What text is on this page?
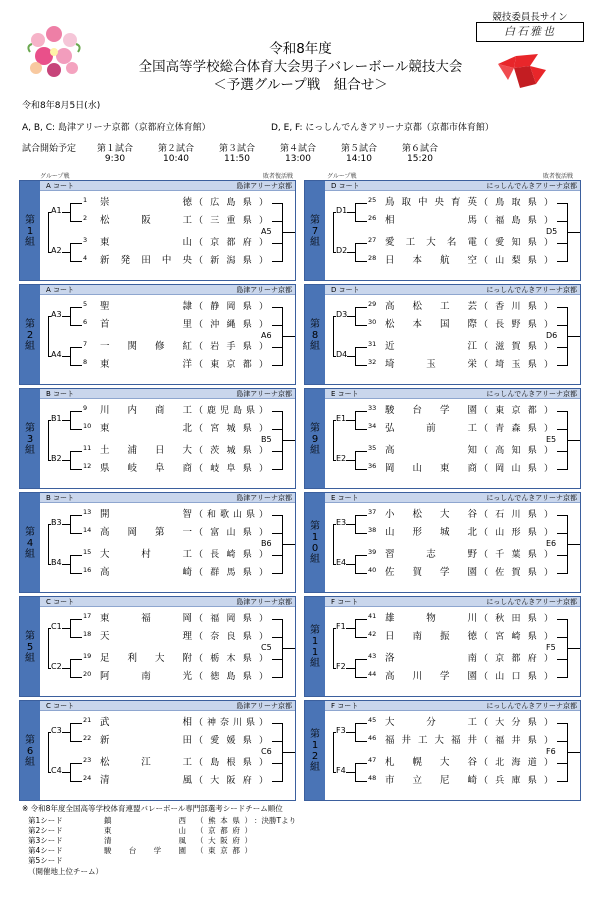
令和8年度
全国高等学校総合体育大会男子バレーボール競技大会
＜予選グループ戦　組合せ＞
競技委員長サイン
白石雅也
令和8年8月5日(水)
A, B, C: 島津アリーナ京都（京都府立体育館）	D, E, F: にっしんでんきアリーナ京都（京都市体育館）
試合開始予定	第１試合
9:30
第２試合
10:40
第３試合
11:50
第４試合
13:00
第５試合
14:10
第６試合
15:20
グループ戦	敗者復活戦	グループ戦	敗者復活戦
第
1
組
A コート	島津アリーナ京都
A1
A2
A5
1	崇徳 （広島県）
2	松阪工 （三重県）
3	東山 （京都府）
4	新発田中央 （新潟県）
第
2
組
A コート	島津アリーナ京都
A3
A4
A6
5	聖隷 （静岡県）
6	首里 （沖縄県）
7	一関修紅 （岩手県）
8	東洋 （東京都）
第
3
組
B コート	島津アリーナ京都
B1
B2
B5
9	川内商工 （鹿児島県）
10 東北 （宮城県）
11 土浦日大 （茨城県）
12 県岐阜商 （岐阜県）
第
4
組
B コート	島津アリーナ京都
B3
B4
B6
13 開智 （和歌山県）
14 高岡第一 （富山県）
15 大村工 （長崎県）
16 高崎 （群馬県）
第
5
組
C コート	島津アリーナ京都
C1
C2
C5
17 東福岡 （福岡県）
18 天理 （奈良県）
19 足利大附 （栃木県）
20 阿南光 （徳島県）
第
6
組
C コート	島津アリーナ京都
C3
C4
C6
21 武相 （神奈川県）
22 新田 （愛媛県）
23 松江工 （島根県）
24 清風 （大阪府）
第
7
組
D コート	にっしんでんきアリーナ京都
D1
D2
D5
25 鳥取中央育英 （鳥取県）
26 相馬 （福島県）
27 愛工大名電 （愛知県）
28 日本航空 （山梨県）
第
8
組
D コート	にっしんでんきアリーナ京都
D3
D4
D6
29 高松工芸 （香川県）
30 松本国際 （長野県）
31 近江 （滋賀県）
32 埼玉栄 （埼玉県）
第
9
組
E コート	にっしんでんきアリーナ京都
E1
E2
E5
33 駿台学園 （東京都）
34 弘前工 （青森県）
35 高知 （高知県）
36 岡山東商 （岡山県）
第
1
0
組
E コート	にっしんでんきアリーナ京都
E3
E4
E6
37 小松大谷 （石川県）
38 山形城北 （山形県）
39 習志野 （千葉県）
40 佐賀学園 （佐賀県）
第
1
1
組
F コート	にっしんでんきアリーナ京都
F1
F2
F5
41 雄物川 （秋田県）
42 日南振徳 （宮崎県）
43 洛南 （京都府）
44 高川学園 （山口県）
第
1
2
組
F コート	にっしんでんきアリーナ京都
F3
F4
F6
45 大分工 （大分県）
46 福井工大福井 （福井県）
47 札幌大谷 （北海道）
48 市立尼崎 （兵庫県）
※ 令和8年度全国高等学校体育連盟バレーボール専門部選考シードチーム順位
第1シード	鎮西 （熊本県） ：決勝Tより
第2シード	東山 （京都府）
第3シード	清風 （大阪府）
第4シード	駿台学園 （東京都）
第5シード
（開催地上位チーム）
